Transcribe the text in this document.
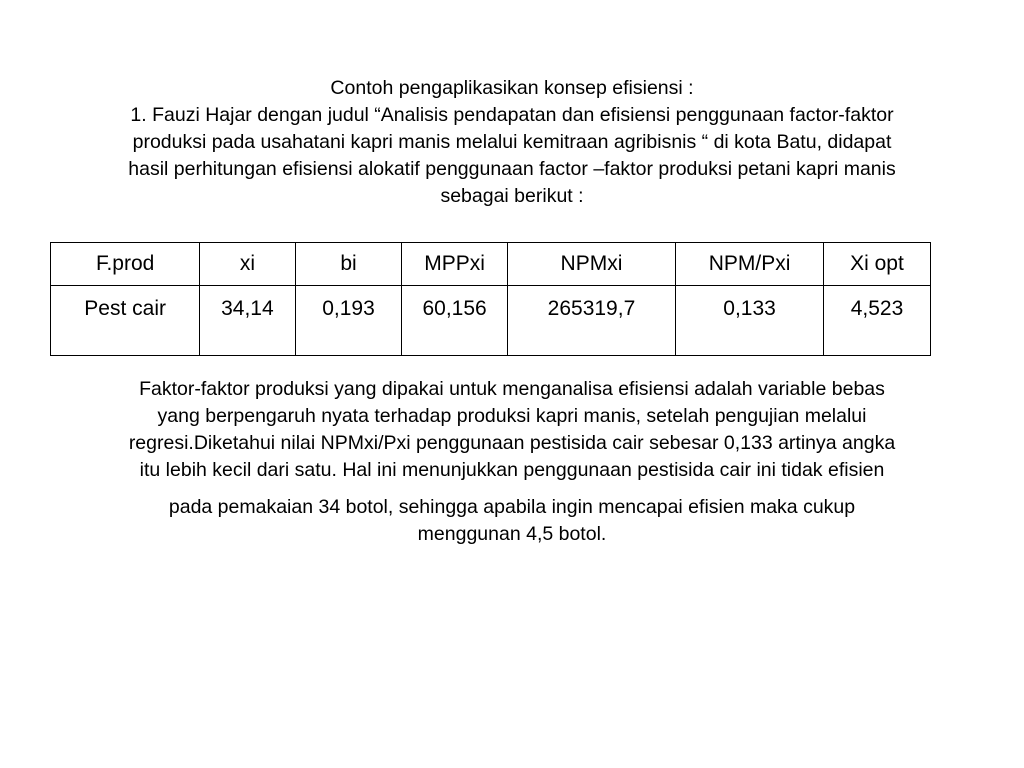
Contoh pengaplikasikan konsep efisiensi :
1. Fauzi Hajar dengan judul “Analisis pendapatan dan efisiensi penggunaan factor-faktor
produksi pada usahatani kapri manis melalui kemitraan agribisnis “ di kota Batu, didapat
hasil perhitungan efisiensi alokatif penggunaan factor –faktor produksi petani kapri manis
sebagai berikut :
F.prod	xi	bi	MPPxi	NPMxi	NPM/Pxi	Xi opt
Pest cair	34,14	0,193	60,156	265319,7	0,133	4,523
Faktor-faktor produksi yang dipakai untuk menganalisa efisiensi adalah variable bebas
yang berpengaruh nyata terhadap produksi kapri manis, setelah pengujian melalui
regresi.Diketahui nilai NPMxi/Pxi penggunaan pestisida cair sebesar 0,133 artinya angka
itu lebih kecil dari satu. Hal ini menunjukkan penggunaan pestisida cair ini tidak efisien
pada pemakaian 34 botol, sehingga apabila ingin mencapai efisien maka cukup
menggunan 4,5 botol.
